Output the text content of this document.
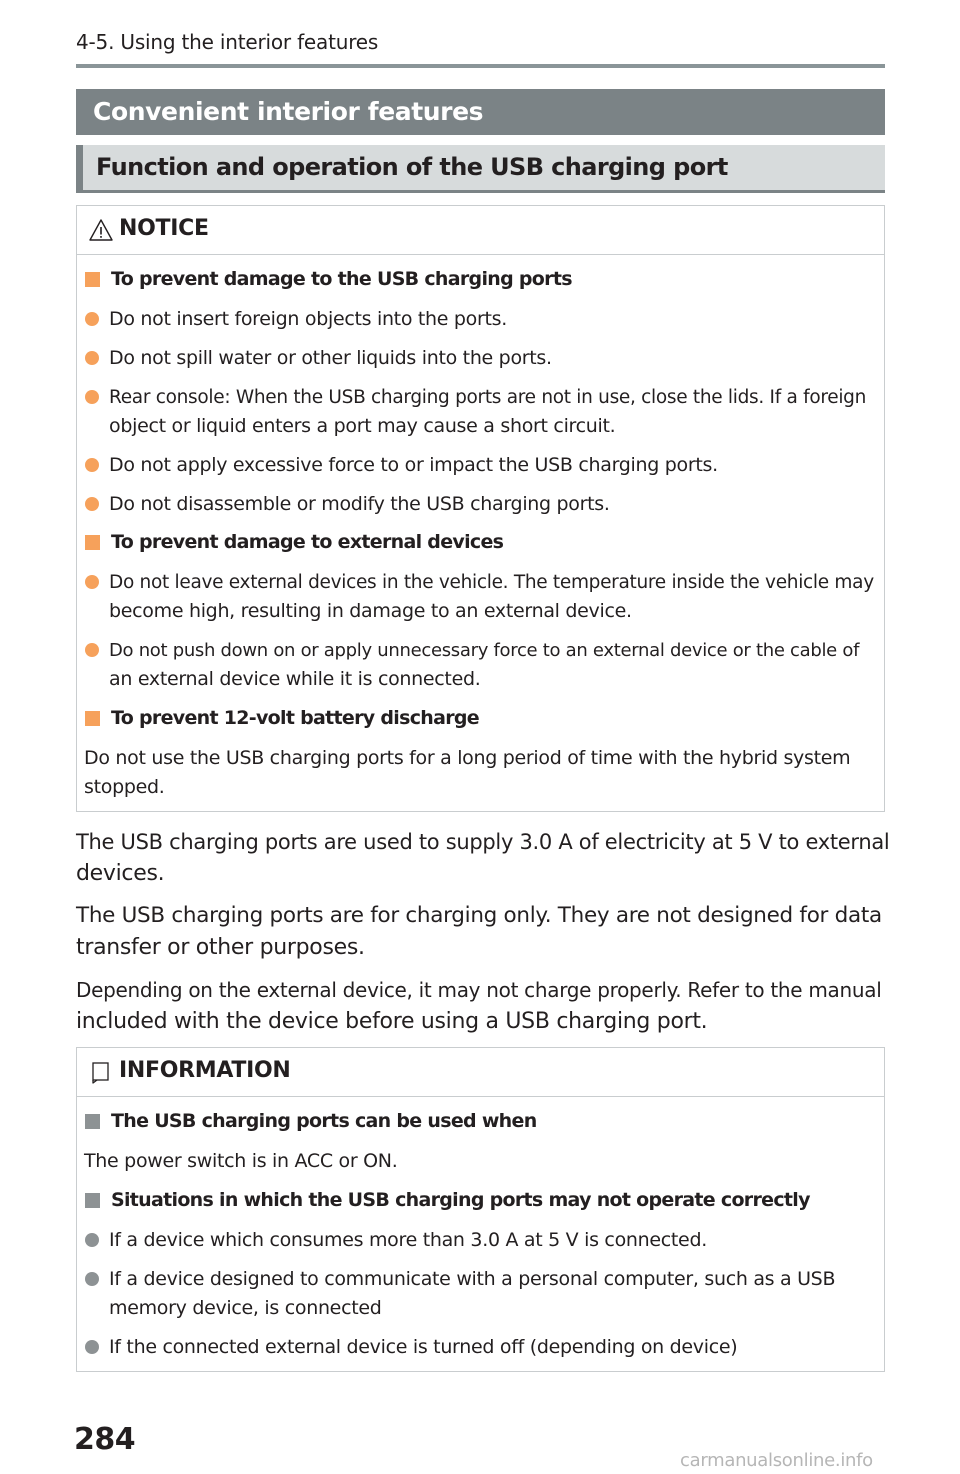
4-5. Using the interior features
Convenient interior features
Function and operation of the USB charging port
NOTICE
To prevent damage to the USB charging ports
Do not insert foreign objects into the ports.
Do not spill water or other liquids into the ports.
Rear console: When the USB charging ports are not in use, close the lids. If a foreign
object or liquid enters a port may cause a short circuit.
Do not apply excessive force to or impact the USB charging ports.
Do not disassemble or modify the USB charging ports.
To prevent damage to external devices
Do not leave external devices in the vehicle. The temperature inside the vehicle may
become high, resulting in damage to an external device.
Do not push down on or apply unnecessary force to an external device or the cable of
an external device while it is connected.
To prevent 12-volt battery discharge
Do not use the USB charging ports for a long period of time with the hybrid system
stopped.
The USB charging ports are used to supply 3.0 A of electricity at 5 V to external
devices.
The USB charging ports are for charging only. They are not designed for data
transfer or other purposes.
Depending on the external device, it may not charge properly. Refer to the manual
included with the device before using a USB charging port.
INFORMATION
The USB charging ports can be used when
The power switch is in ACC or ON.
Situations in which the USB charging ports may not operate correctly
If a device which consumes more than 3.0 A at 5 V is connected.
If a device designed to communicate with a personal computer, such as a USB
memory device, is connected
If the connected external device is turned off (depending on device)
284
carmanualsonline.info
